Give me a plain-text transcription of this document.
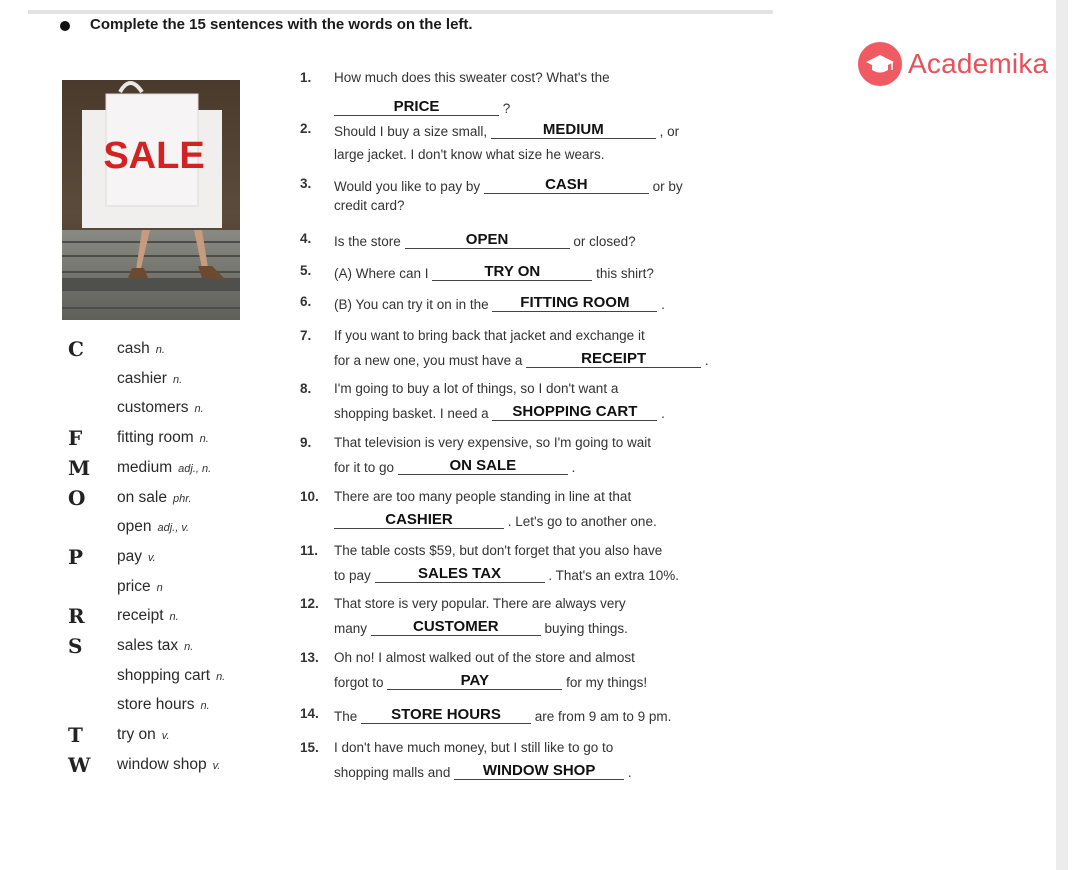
Complete the 15 sentences with the words on the left.
Academika
SALE
C	cash n.
cashier n.
customers n.
F	fitting room n.
M	medium adj., n.
O	on sale phr.
open adj., v.
P	pay v.
price n
R	receipt n.
S	sales tax n.
shopping cart n.
store hours n.
T	try on v.
W	window shop v.
1. How much does this sweater cost? What's the
PRICE	?
2. Should I buy a size small,	MEDIUM	, or
large jacket. I don't know what size he wears.
3. Would you like to pay by	CASH	or by
credit card?
4. Is the store	OPEN	or closed?
5. (A) Where can I	TRY ON	this shirt?
6. (B) You can try it on in the FITTING ROOM .
7. If you want to bring back that jacket and exchange it
for a new one, you must have a	RECEIPT	.
8. I'm going to buy a lot of things, so I don't want a
shopping basket. I need a SHOPPING CART .
9. That television is very expensive, so I'm going to wait
for it to go	ON SALE	.
10. There are too many people standing in line at that
CASHIER	. Let's go to another one.
11. The table costs $59, but don't forget that you also have
to pay	SALES TAX	. That's an extra 10%.
12. That store is very popular. There are always very
many	CUSTOMER	buying things.
13. Oh no! I almost walked out of the store and almost
forgot to	PAY	for my things!
14. The STORE HOURS	are from 9 am to 9 pm.
15. I don't have much money, but I still like to go to
shopping malls and WINDOW SHOP .
